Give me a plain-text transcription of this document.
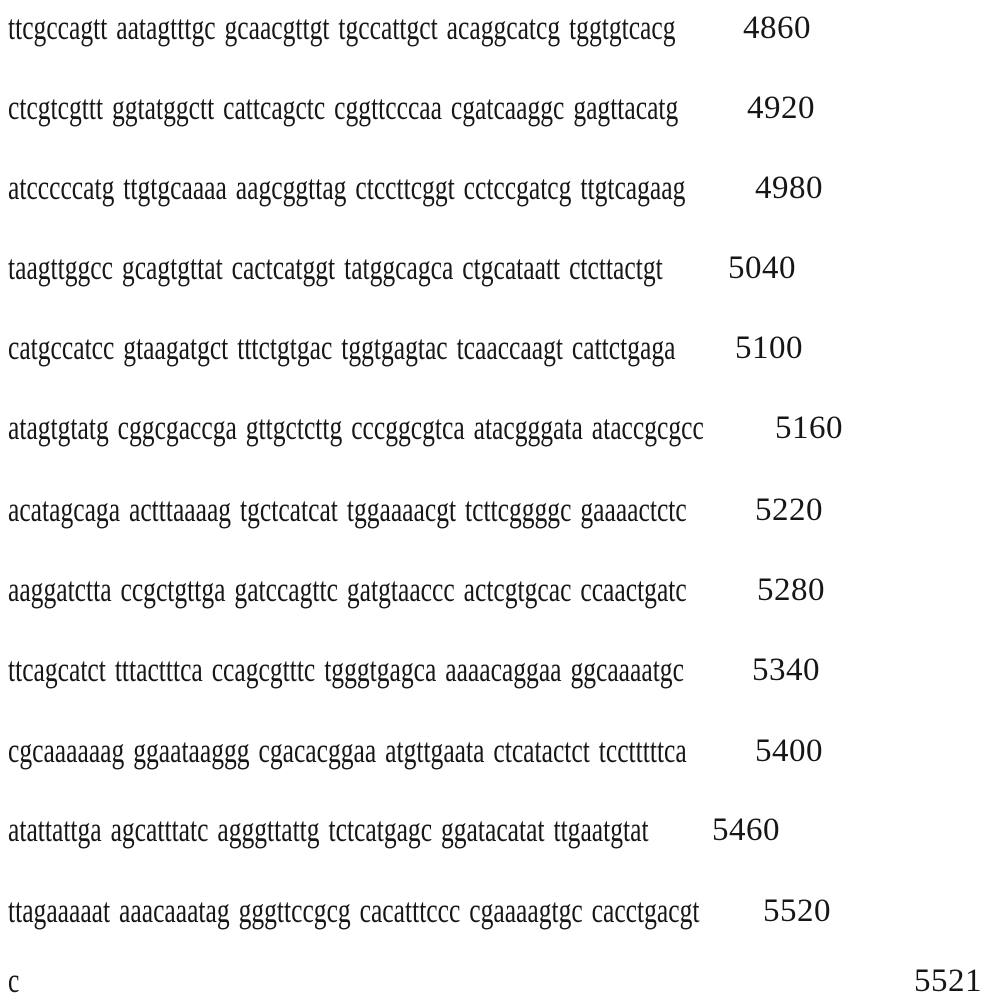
ttcgccagtt aatagtttgc gcaacgttgt tgccattgct acaggcatcg tggtgtcacg 4860
ctcgtcgttt ggtatggctt cattcagctc cggttcccaa cgatcaaggc gagttacatg 4920
atcccccatg ttgtgcaaaa aagcggttag ctccttcggt cctccgatcg ttgtcagaag 4980
taagttggcc gcagtgttat cactcatggt tatggcagca ctgcataatt ctcttactgt 5040
catgccatcc gtaagatgct tttctgtgac tggtgagtac tcaaccaagt cattctgaga 5100
atagtgtatg cggcgaccga gttgctcttg cccggcgtca atacgggata ataccgcgcc 5160
acatagcaga actttaaaag tgctcatcat tggaaaacgt tcttcggggc gaaaactctc 5220
aaggatctta ccgctgttga gatccagttc gatgtaaccc actcgtgcac ccaactgatc 5280
ttcagcatct tttactttca ccagcgtttc tgggtgagca aaaacaggaa ggcaaaatgc 5340
cgcaaaaaag ggaataaggg cgacacggaa atgttgaata ctcatactct tcctttttca 5400
atattattga agcatttatc agggttattg tctcatgagc ggatacatat ttgaatgtat 5460
ttagaaaaat aaacaaatag gggttccgcg cacatttccc cgaaaagtgc cacctgacgt 5520
c	5521
